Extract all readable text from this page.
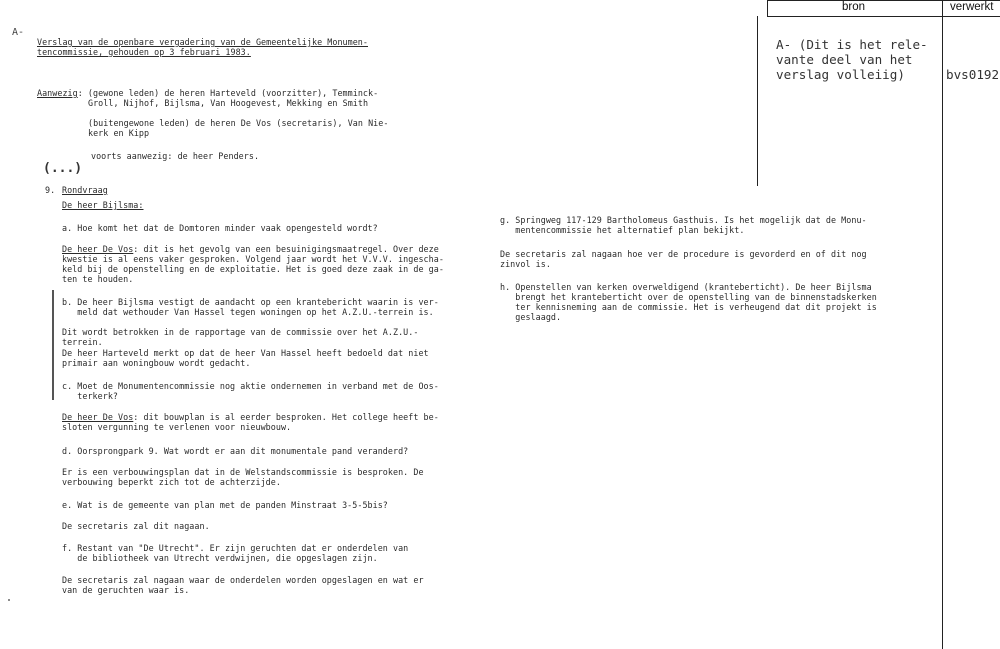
bron	verwerkt
A- (Dit is het rele-
vante deel van het
verslag volleiig)	bvs0192
A-
Verslag van de openbare vergadering van de Gemeentelijke Monumen-
tencommissie, gehouden op 3 februari 1983.
Aanwezig: (gewone leden) de heren Harteveld (voorzitter), Temminck-
Groll, Nijhof, Bijlsma, Van Hoogevest, Mekking en Smith
(buitengewone leden) de heren De Vos (secretaris), Van Nie-
kerk en Kipp
voorts aanwezig: de heer Penders.
(...)
9. Rondvraag
De heer Bijlsma:
a. Hoe komt het dat de Domtoren minder vaak opengesteld wordt?
De heer De Vos: dit is het gevolg van een besuinigingsmaatregel. Over deze
kwestie is al eens vaker gesproken. Volgend jaar wordt het V.V.V. ingescha-
keld bij de openstelling en de exploitatie. Het is goed deze zaak in de ga-
ten te houden.
b. De heer Bijlsma vestigt de aandacht op een krantebericht waarin is ver-
meld dat wethouder Van Hassel tegen woningen op het A.Z.U.-terrein is.
Dit wordt betrokken in de rapportage van de commissie over het A.Z.U.-
terrein.
De heer Harteveld merkt op dat de heer Van Hassel heeft bedoeld dat niet
primair aan woningbouw wordt gedacht.
c. Moet de Monumentencommissie nog aktie ondernemen in verband met de Oos-
terkerk?
De heer De Vos: dit bouwplan is al eerder besproken. Het college heeft be-
sloten vergunning te verlenen voor nieuwbouw.
d. Oorsprongpark 9. Wat wordt er aan dit monumentale pand veranderd?
Er is een verbouwingsplan dat in de Welstandscommissie is besproken. De
verbouwing beperkt zich tot de achterzijde.
e. Wat is de gemeente van plan met de panden Minstraat 3-5-5bis?
De secretaris zal dit nagaan.
f. Restant van "De Utrecht". Er zijn geruchten dat er onderdelen van
de bibliotheek van Utrecht verdwijnen, die opgeslagen zijn.
De secretaris zal nagaan waar de onderdelen worden opgeslagen en wat er
van de geruchten waar is.
g. Springweg 117-129 Bartholomeus Gasthuis. Is het mogelijk dat de Monu-
mentencommissie het alternatief plan bekijkt.
De secretaris zal nagaan hoe ver de procedure is gevorderd en of dit nog
zinvol is.
h. Openstellen van kerken overweldigend (kranteberticht). De heer Bijlsma
brengt het kranteberticht over de openstelling van de binnenstadskerken
ter kennisneming aan de commissie. Het is verheugend dat dit projekt is
geslaagd.
